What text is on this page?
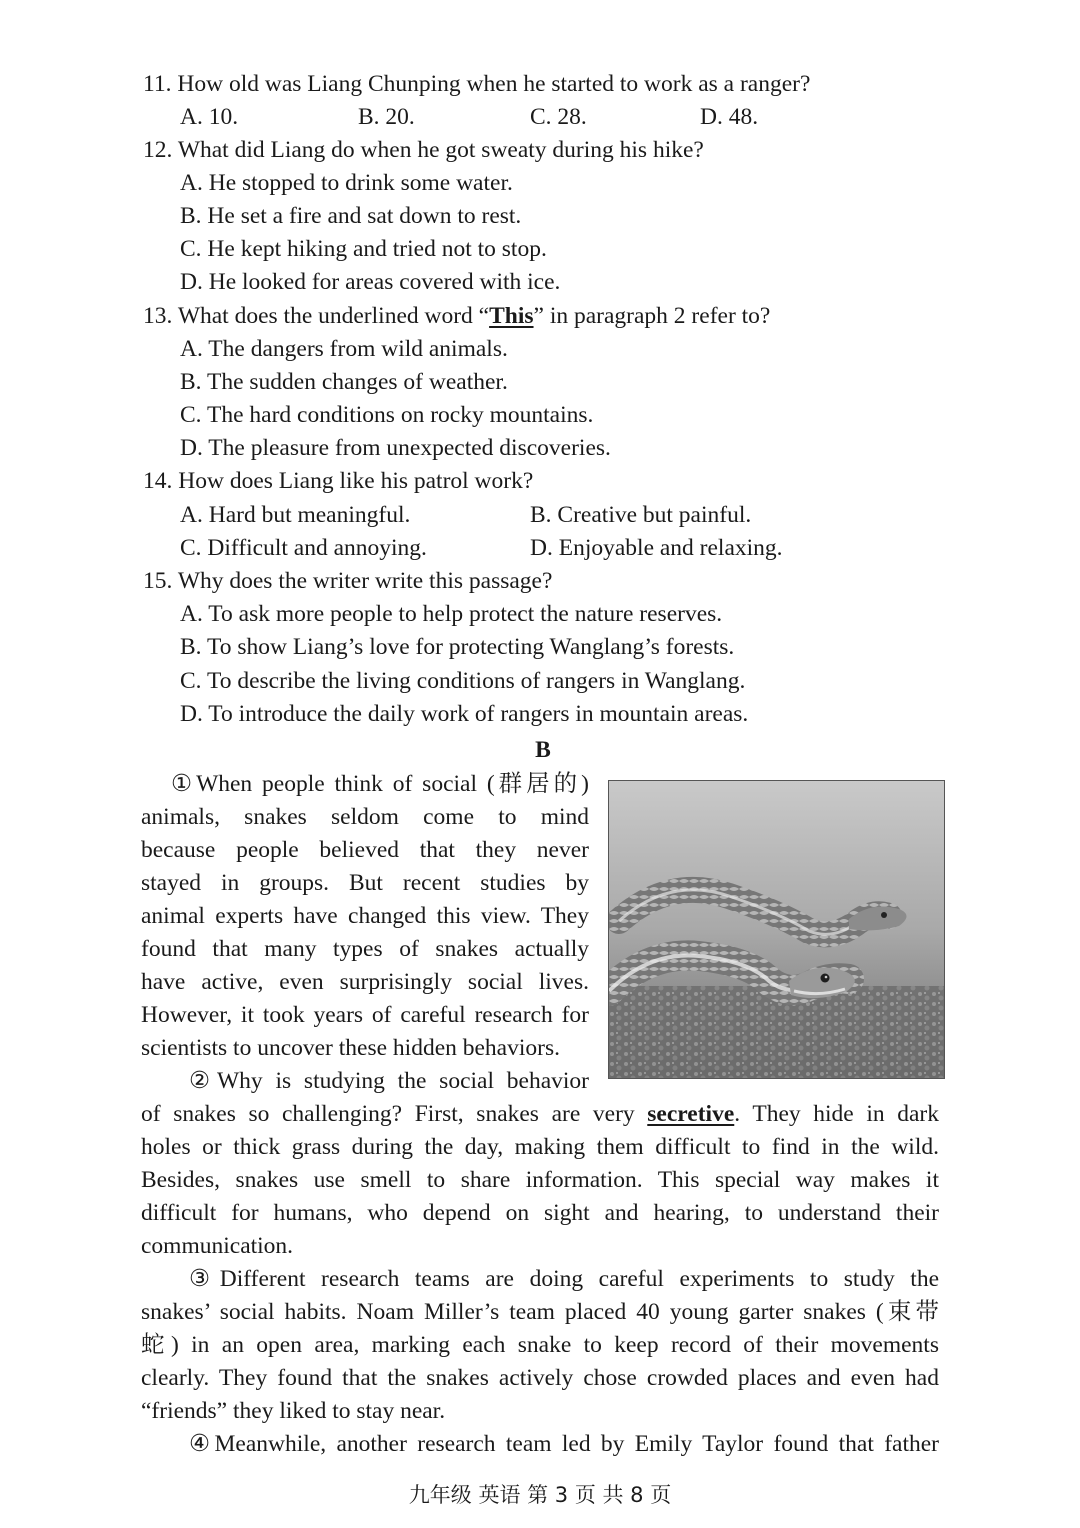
11. How old was Liang Chunping when he started to work as a ranger?
A. 10.	B. 20.	C. 28.	D. 48.
12. What did Liang do when he got sweaty during his hike?
A. He stopped to drink some water.
B. He set a fire and sat down to rest.
C. He kept hiking and tried not to stop.
D. He looked for areas covered with ice.
13. What does the underlined word “This” in paragraph 2 refer to?
A. The dangers from wild animals.
B. The sudden changes of weather.
C. The hard conditions on rocky mountains.
D. The pleasure from unexpected discoveries.
14. How does Liang like his patrol work?
A. Hard but meaningful.	B. Creative but painful.
C. Difficult and annoying.	D. Enjoyable and relaxing.
15. Why does the writer write this passage?
A. To ask more people to help protect the nature reserves.
B. To show Liang’s love for protecting Wanglang’s forests.
C. To describe the living conditions of rangers in Wanglang.
D. To introduce the daily work of rangers in mountain areas.
B
①When people think of social (群居的)
animals, snakes seldom come to mind
because people believed that they never
stayed in groups. But recent studies by
animal experts have changed this view. They
found that many types of snakes actually
have active, even surprisingly social lives.
However, it took years of careful research for
scientists to uncover these hidden behaviors.
②Why is studying the social behavior
of snakes so challenging? First, snakes are very secretive. They hide in dark
holes or thick grass during the day, making them difficult to find in the wild.
Besides, snakes use smell to share information. This special way makes it
difficult for humans, who depend on sight and hearing, to understand their
communication.
③Different research teams are doing careful experiments to study the
snakes’ social habits. Noam Miller’s team placed 40 young garter snakes (束带
蛇) in an open area, marking each snake to keep record of their movements
clearly. They found that the snakes actively chose crowded places and even had
“friends” they liked to stay near.
④Meanwhile, another research team led by Emily Taylor found that father
九年级 英语 第 3 页 共 8 页
